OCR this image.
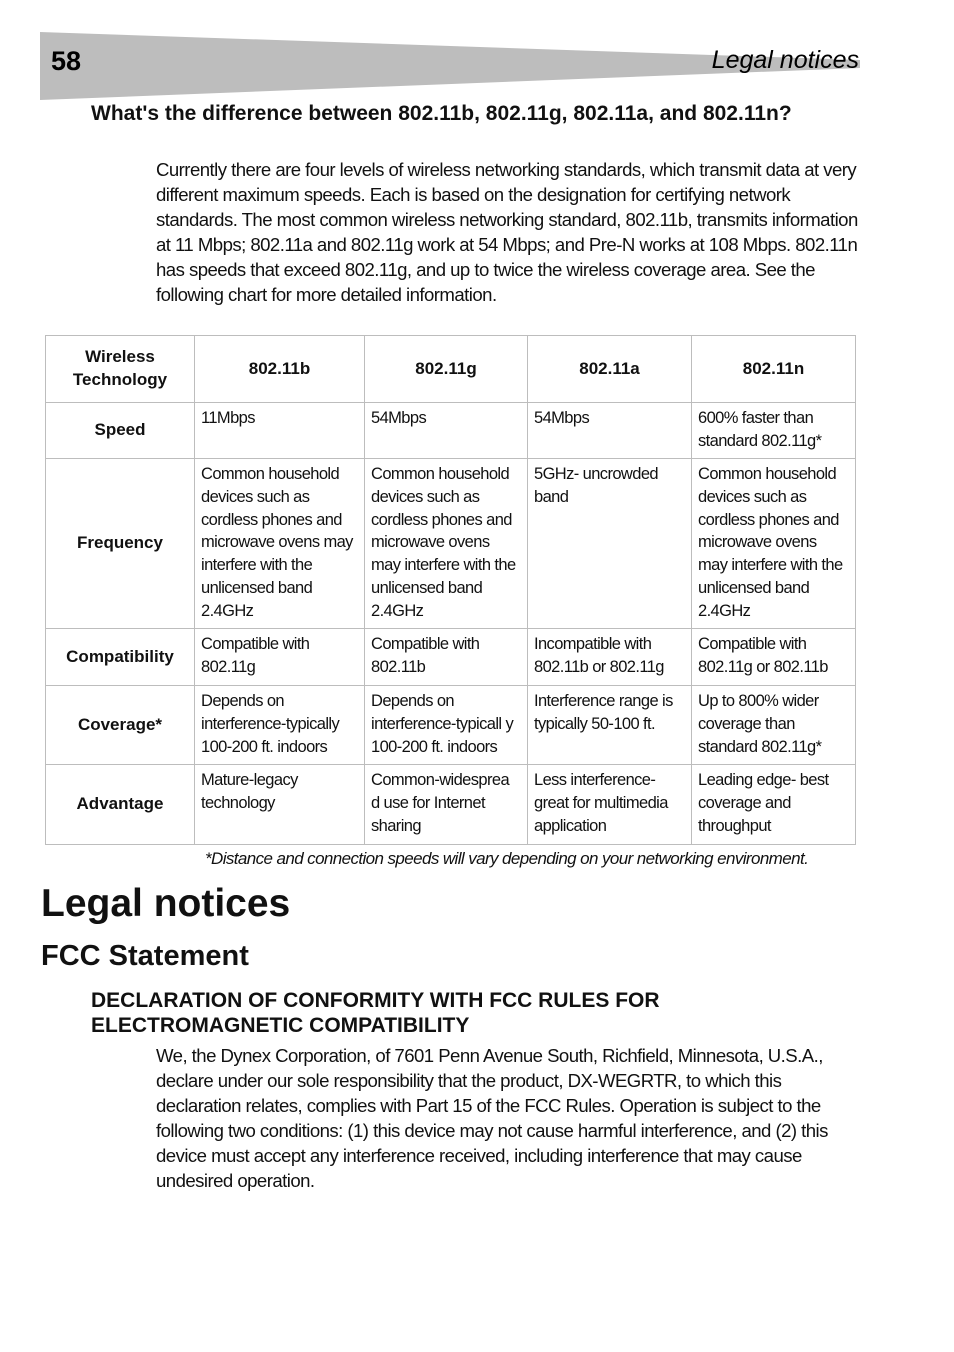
58	Legal notices
What's the difference between 802.11b, 802.11g, 802.11a, and 802.11n?
Currently there are four levels of wireless networking standards, which transmit data at very different maximum speeds. Each is based on the designation for certifying network standards. The most common wireless networking standard, 802.11b, transmits information at 11 Mbps; 802.11a and 802.11g work at 54 Mbps; and Pre-N works at 108 Mbps. 802.11n has speeds that exceed 802.11g, and up to twice the wireless coverage area. See the following chart for more detailed information.
Wireless Technology	802.11b	802.11g	802.11a	802.11n
Speed	11Mbps	54Mbps	54Mbps	600% faster than standard 802.11g*
Frequency	Common household devices such as cordless phones and microwave ovens may interfere with the unlicensed band 2.4GHz	Common household devices such as cordless phones and microwave ovens may interfere with the unlicensed band 2.4GHz	5GHz- uncrowded band	Common household devices such as cordless phones and microwave ovens may interfere with the unlicensed band 2.4GHz
Compatibility	Compatible with 802.11g	Compatible with 802.11b	Incompatible with 802.11b or 802.11g	Compatible with 802.11g or 802.11b
Coverage*	Depends on interference-typically 100-200 ft. indoors	Depends on interference-typicall y 100-200 ft. indoors	Interference range is typically 50-100 ft.	Up to 800% wider coverage than standard 802.11g*
Advantage	Mature-legacy technology	Common-widesprea d use for Internet sharing	Less interference- great for multimedia application	Leading edge- best coverage and throughput
*Distance and connection speeds will vary depending on your networking environment.
Legal notices
FCC Statement
DECLARATION OF CONFORMITY WITH FCC RULES FOR ELECTROMAGNETIC COMPATIBILITY
We, the Dynex Corporation, of 7601 Penn Avenue South, Richfield, Minnesota, U.S.A., declare under our sole responsibility that the product, DX-WEGRTR, to which this declaration relates, complies with Part 15 of the FCC Rules. Operation is subject to the following two conditions: (1) this device may not cause harmful interference, and (2) this device must accept any interference received, including interference that may cause undesired operation.
